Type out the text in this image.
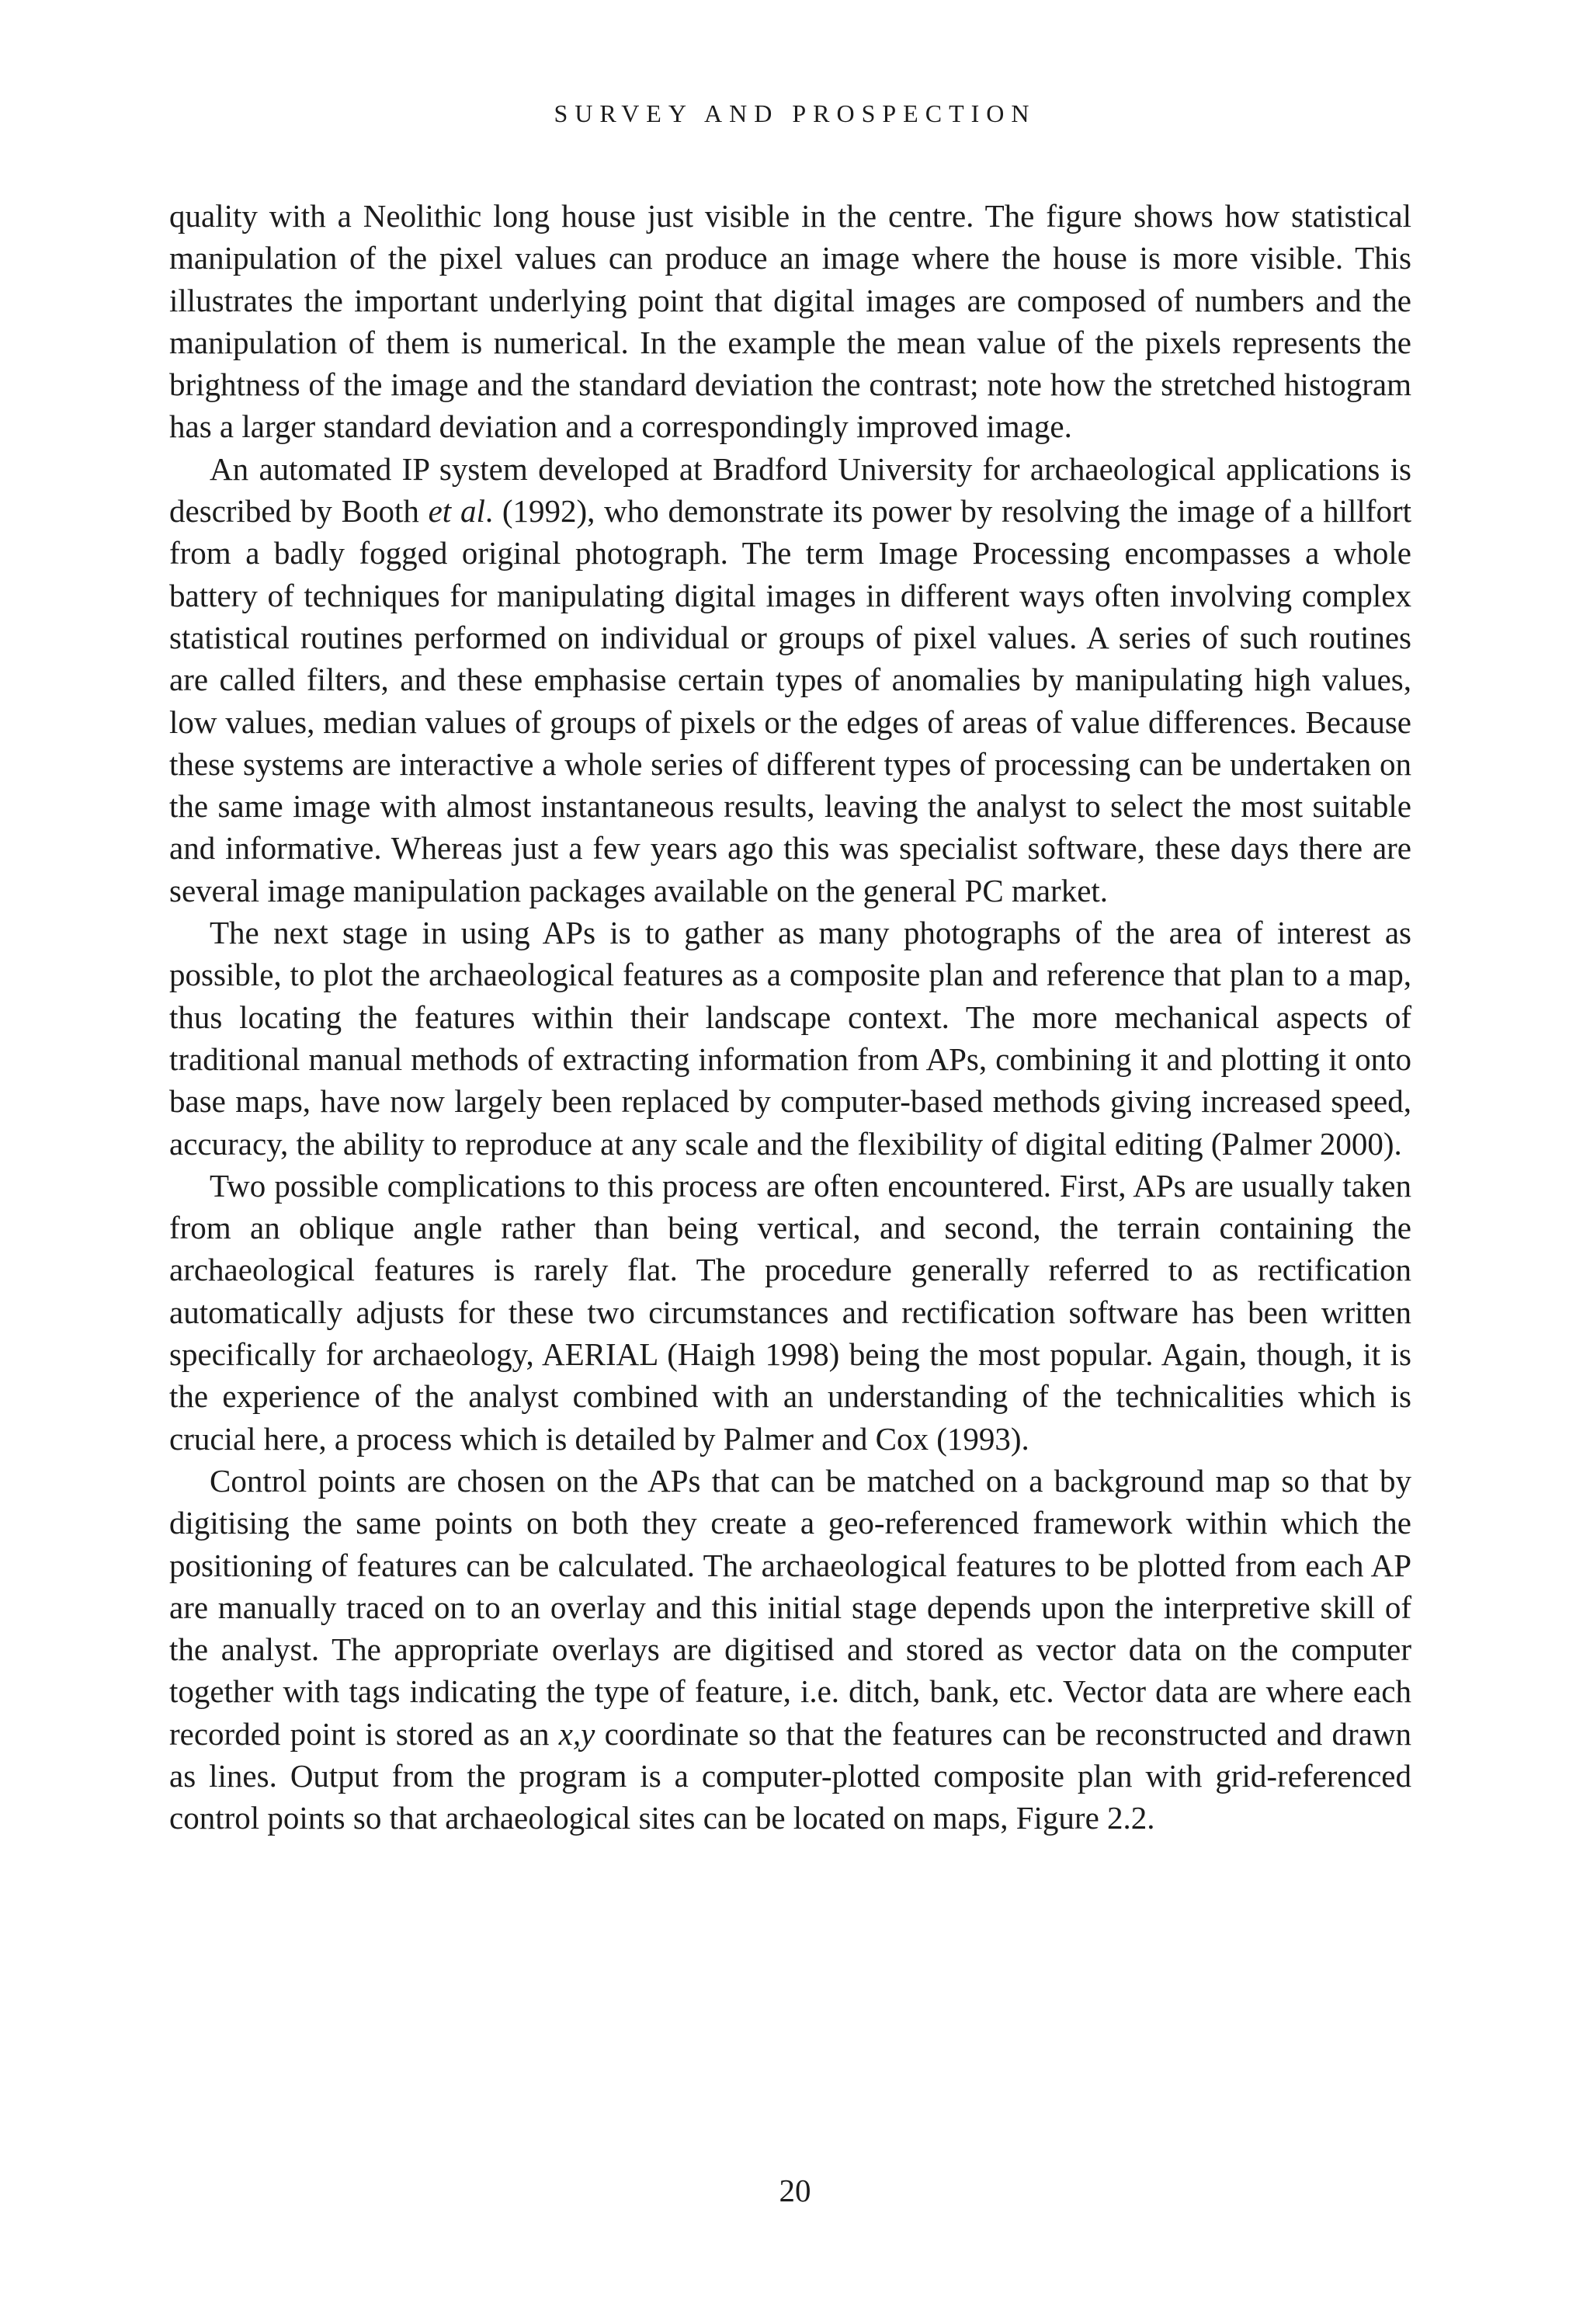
SURVEY AND PROSPECTION

quality with a Neolithic long house just visible in the centre. The figure shows how statistical manipulation of the pixel values can produce an image where the house is more visible. This illustrates the important underlying point that digital images are composed of numbers and the manipulation of them is numerical. In the example the mean value of the pixels represents the brightness of the image and the standard deviation the contrast; note how the stretched histogram has a larger standard deviation and a correspondingly improved image.

An automated IP system developed at Bradford University for archaeological applications is described by Booth et al. (1992), who demonstrate its power by resolving the image of a hillfort from a badly fogged original photograph. The term Image Processing encompasses a whole battery of techniques for manipulating digital images in different ways often involving complex statistical routines performed on individual or groups of pixel values. A series of such routines are called filters, and these emphasise certain types of anomalies by manipulating high values, low values, median values of groups of pixels or the edges of areas of value differences. Because these systems are interactive a whole series of different types of processing can be undertaken on the same image with almost instantaneous results, leaving the analyst to select the most suitable and informative. Whereas just a few years ago this was specialist software, these days there are several image manipulation packages available on the general PC market.

The next stage in using APs is to gather as many photographs of the area of interest as possible, to plot the archaeological features as a composite plan and reference that plan to a map, thus locating the features within their landscape context. The more mechanical aspects of traditional manual methods of extracting information from APs, combining it and plotting it onto base maps, have now largely been replaced by computer-based methods giving increased speed, accuracy, the ability to reproduce at any scale and the flexibility of digital editing (Palmer 2000).

Two possible complications to this process are often encountered. First, APs are usually taken from an oblique angle rather than being vertical, and second, the terrain containing the archaeological features is rarely flat. The procedure generally referred to as rectification automatically adjusts for these two circumstances and rectification software has been written specifically for archaeology, AERIAL (Haigh 1998) being the most popular. Again, though, it is the experience of the analyst combined with an understanding of the technicalities which is crucial here, a process which is detailed by Palmer and Cox (1993).

Control points are chosen on the APs that can be matched on a background map so that by digitising the same points on both they create a geo-referenced framework within which the positioning of features can be calculated. The archaeological features to be plotted from each AP are manually traced on to an overlay and this initial stage depends upon the interpretive skill of the analyst. The appropriate overlays are digitised and stored as vector data on the computer together with tags indicating the type of feature, i.e. ditch, bank, etc. Vector data are where each recorded point is stored as an x,y coordinate so that the features can be reconstructed and drawn as lines. Output from the program is a computer-plotted composite plan with grid-referenced control points so that archaeological sites can be located on maps, Figure 2.2.

20
